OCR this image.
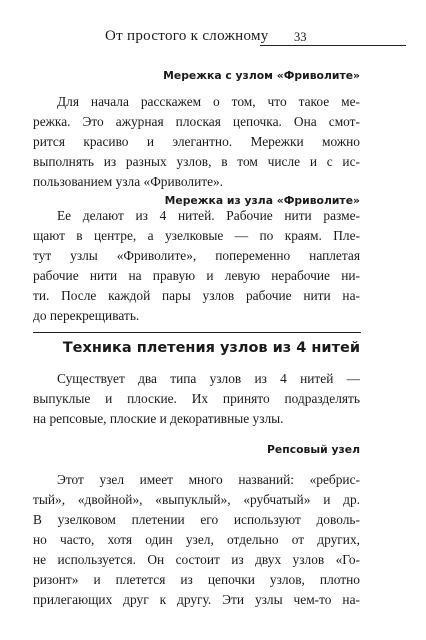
От простого к сложному 33
Мережка с узлом «Фриволите»
Для начала расскажем о том, что такое ме-
режка. Это ажурная плоская цепочка. Она смот-
рится красиво и элегантно. Мережки можно
выполнять из разных узлов, в том числе и с ис-
пользованием узла «Фриволите».
Мережка из узла «Фриволите»
Ее делают из 4 нитей. Рабочие нити разме-
щают в центре, а узелковые — по краям. Пле-
тут узлы «Фриволите», попеременно наплетая
рабочие нити на правую и левую нерабочие ни-
ти. После каждой пары узлов рабочие нити на-
до перекрещивать.
Техника плетения узлов из 4 нитей
Существует два типа узлов из 4 нитей —
выпуклые и плоские. Их принято подразделять
на репсовые, плоские и декоративные узлы.
Репсовый узел
Этот узел имеет много названий: «ребрис-
тый», «двойной», «выпуклый», «рубчатый» и др.
В узелковом плетении его используют доволь-
но часто, хотя один узел, отдельно от других,
не используется. Он состоит из двух узлов «Го-
ризонт» и плетется из цепочки узлов, плотно
прилегающих друг к другу. Эти узлы чем-то на-
